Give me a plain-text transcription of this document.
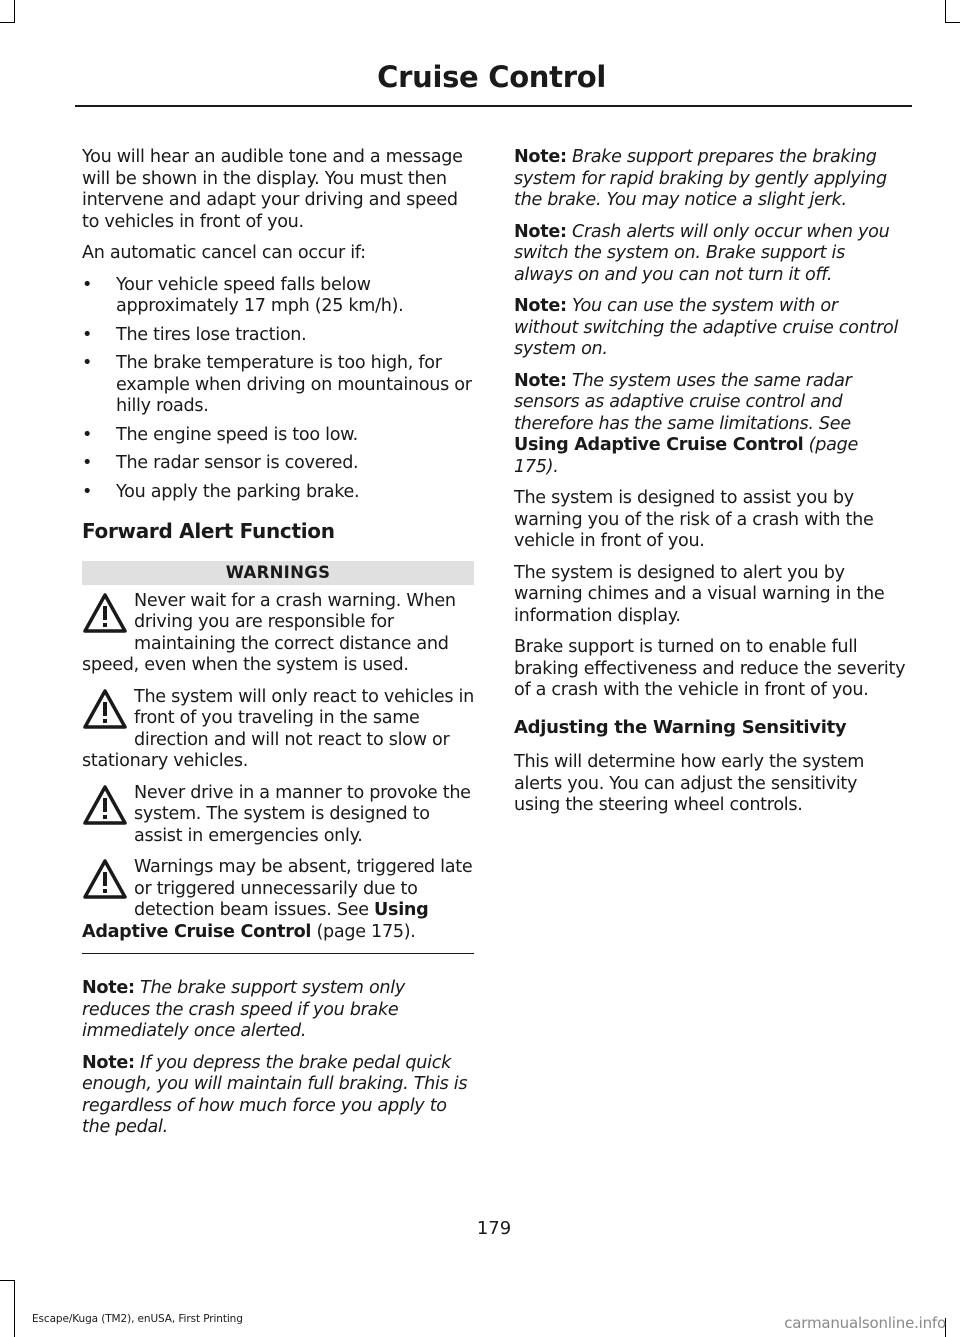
Cruise Control
You will hear an audible tone and a message will be shown in the display. You must then intervene and adapt your driving and speed to vehicles in front of you.
An automatic cancel can occur if:
• Your vehicle speed falls below approximately 17 mph (25 km/h).
• The tires lose traction.
• The brake temperature is too high, for example when driving on mountainous or hilly roads.
• The engine speed is too low.
• The radar sensor is covered.
• You apply the parking brake.
Forward Alert Function
WARNINGS
Never wait for a crash warning. When driving you are responsible for maintaining the correct distance and speed, even when the system is used.
The system will only react to vehicles in front of you traveling in the same direction and will not react to slow or stationary vehicles.
Never drive in a manner to provoke the system. The system is designed to assist in emergencies only.
Warnings may be absent, triggered late or triggered unnecessarily due to detection beam issues. See Using Adaptive Cruise Control (page 175).
Note: The brake support system only reduces the crash speed if you brake immediately once alerted.
Note: If you depress the brake pedal quick enough, you will maintain full braking. This is regardless of how much force you apply to the pedal.
Note: Brake support prepares the braking system for rapid braking by gently applying the brake. You may notice a slight jerk.
Note: Crash alerts will only occur when you switch the system on. Brake support is always on and you can not turn it off.
Note: You can use the system with or without switching the adaptive cruise control system on.
Note: The system uses the same radar sensors as adaptive cruise control and therefore has the same limitations. See Using Adaptive Cruise Control (page 175).
The system is designed to assist you by warning you of the risk of a crash with the vehicle in front of you.
The system is designed to alert you by warning chimes and a visual warning in the information display.
Brake support is turned on to enable full braking effectiveness and reduce the severity of a crash with the vehicle in front of you.
Adjusting the Warning Sensitivity
This will determine how early the system alerts you. You can adjust the sensitivity using the steering wheel controls.
179
Escape/Kuga (TM2), enUSA, First Printing	carmanualsonline.info
